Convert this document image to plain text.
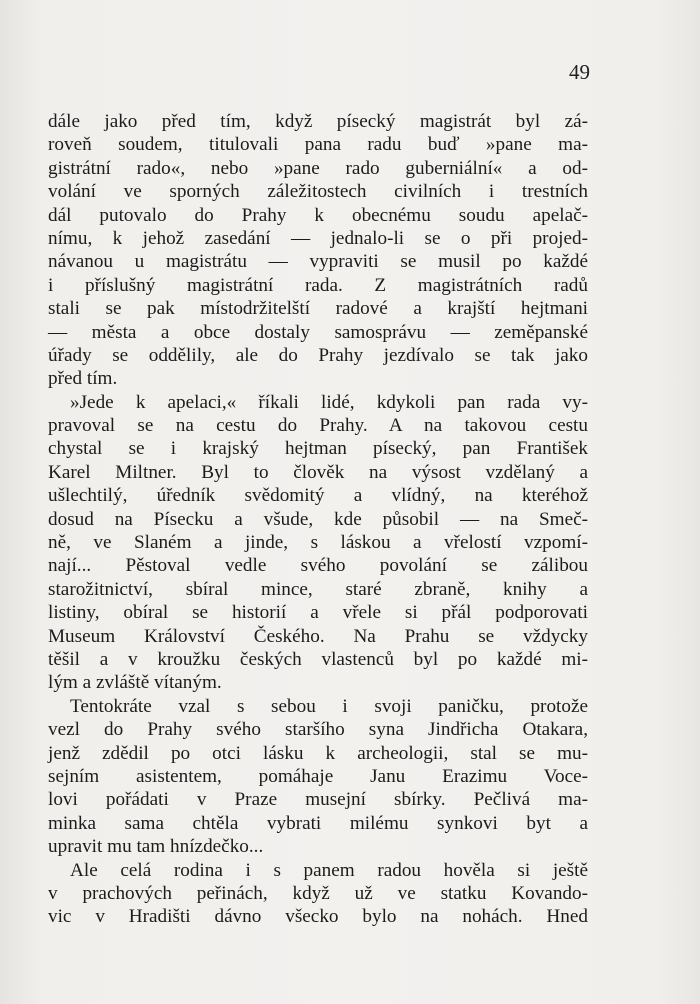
49
dále jako před tím, když písecký magistrát byl zá-
roveň soudem, titulovali pana radu buď »pane ma-
gistrátní rado«, nebo »pane rado guberniální« a od-
volání ve sporných záležitostech civilních i trestních
dál putovalo do Prahy k obecnému soudu apelač-
nímu, k jehož zasedání — jednalo-li se o při projed-
návanou u magistrátu — vypraviti se musil po každé
i příslušný magistrátní rada. Z magistrátních radů
stali se pak místodržitelští radové a krajští hejtmani
— města a obce dostaly samosprávu — zeměpanské
úřady se oddělily, ale do Prahy jezdívalo se tak jako
před tím.
»Jede k apelaci,« říkali lidé, kdykoli pan rada vy-
pravoval se na cestu do Prahy. A na takovou cestu
chystal se i krajský hejtman písecký, pan František
Karel Miltner. Byl to člověk na výsost vzdělaný a
ušlechtilý, úředník svědomitý a vlídný, na kteréhož
dosud na Písecku a všude, kde působil — na Smeč-
ně, ve Slaném a jinde, s láskou a vřelostí vzpomí-
nají... Pěstoval vedle svého povolání se zálibou
starožitnictví, sbíral mince, staré zbraně, knihy a
listiny, obíral se historií a vřele si přál podporovati
Museum Království Českého. Na Prahu se vždycky
těšil a v kroužku českých vlastenců byl po každé mi-
lým a zvláště vítaným.
Tentokráte vzal s sebou i svoji paničku, protože
vezl do Prahy svého staršího syna Jindřicha Otakara,
jenž zdědil po otci lásku k archeologii, stal se mu-
sejním asistentem, pomáhaje Janu Erazimu Voce-
lovi pořádati v Praze musejní sbírky. Pečlivá ma-
minka sama chtěla vybrati milému synkovi byt a
upravit mu tam hnízdečko...
Ale celá rodina i s panem radou hověla si ještě
v prachových peřinách, když už ve statku Kovando-
vic v Hradišti dávno všecko bylo na nohách. Hned
